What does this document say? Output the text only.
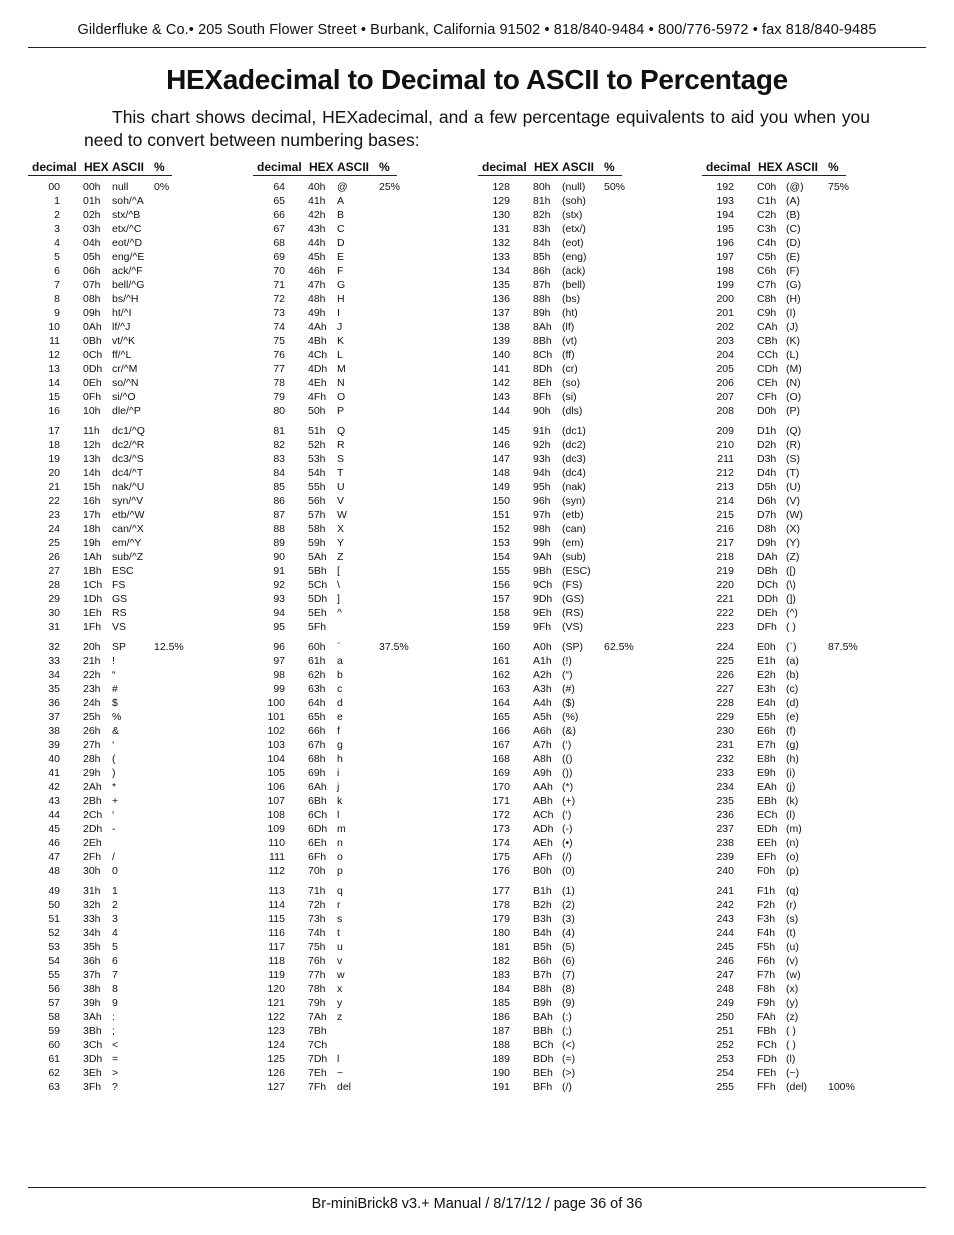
Gilderfluke & Co.• 205 South Flower Street • Burbank, California 91502 • 818/840-9484 • 800/776-5972 • fax 818/840-9485
HEXadecimal to Decimal to ASCII to Percentage
This chart shows decimal, HEXadecimal, and a few percentage equivalents to aid you when you need to convert between numbering bases:
decimal HEX ASCII %
00 00h null 0%
1 01h soh/^A
2 02h stx/^B
3 03h etx/^C
4 04h eot/^D
5 05h eng/^E
6 06h ack/^F
7 07h bell/^G
8 08h bs/^H
9 09h ht/^I
10 0Ah lf/^J
11 0Bh vt/^K
12 0Ch ff/^L
13 0Dh cr/^M
14 0Eh so/^N
15 0Fh si/^O
16 10h dle/^P
17 11h dc1/^Q
18 12h dc2/^R
19 13h dc3/^S
20 14h dc4/^T
21 15h nak/^U
22 16h syn/^V
23 17h etb/^W
24 18h can/^X
25 19h em/^Y
26 1Ah sub/^Z
27 1Bh ESC
28 1Ch FS
29 1Dh GS
30 1Eh RS
31 1Fh VS
32 20h SP	12.5%
33 21h !
34 22h “
35 23h #
36 24h $
37 25h %
38 26h &
39 27h ‘
40 28h (
41 29h )
42 2Ah *
43 2Bh +
44 2Ch ‘
45 2Dh -
46 2Eh
47 2Fh /
48 30h 0
49 31h 1
50 32h 2
51 33h 3
52 34h 4
53 35h 5
54 36h 6
55 37h 7
56 38h 8
57 39h 9
58 3Ah :
59 3Bh ;
60 3Ch <
61 3Dh =
62 3Eh >
63 3Fh ?
decimal HEX ASCII %
64 40h @	25%
65 41h A
66 42h B
67 43h C
68 44h D
69 45h E
70 46h F
71 47h G
72 48h H
73 49h I
74 4Ah J
75 4Bh K
76 4Ch L
77 4Dh M
78 4Eh N
79 4Fh O
80 50h P
81 51h Q
82 52h R
83 53h S
84 54h T
85 55h U
86 56h V
87 57h W
88 58h X
89 59h Y
90 5Ah Z
91 5Bh [
92 5Ch \
93 5Dh ]
94 5Eh ^
95 5Fh
96 60h `	37.5%
97 61h a
98 62h b
99 63h c
100 64h d
101 65h e
102 66h f
103 67h g
104 68h h
105 69h i
106 6Ah j
107 6Bh k
108 6Ch l
109 6Dh m
110 6Eh n
111 6Fh o
112 70h p
113 71h q
114 72h r
115 73h s
116 74h t
117 75h u
118 76h v
119 77h w
120 78h x
121 79h y
122 7Ah z
123 7Bh
124 7Ch
125 7Dh l
126 7Eh ~
127 7Fh del
decimal HEX ASCII %
128 80h (null) 50%
129 81h (soh)
130 82h (stx)
131 83h (etx/)
132 84h (eot)
133 85h (eng)
134 86h (ack)
135 87h (bell)
136 88h (bs)
137 89h (ht)
138 8Ah (lf)
139 8Bh (vt)
140 8Ch (ff)
141 8Dh (cr)
142 8Eh (so)
143 8Fh (si)
144 90h (dls)
145 91h (dc1)
146 92h (dc2)
147 93h (dc3)
148 94h (dc4)
149 95h (nak)
150 96h (syn)
151 97h (etb)
152 98h (can)
153 99h (em)
154 9Ah (sub)
155 9Bh (ESC)
156 9Ch (FS)
157 9Dh (GS)
158 9Eh (RS)
159 9Fh (VS)
160 A0h (SP) 62.5%
161 A1h (!)
162 A2h (“)
163 A3h (#)
164 A4h ($)
165 A5h (%)
166 A6h (&)
167 A7h (‘)
168 A8h (()
169 A9h ())
170 AAh (*)
171 ABh (+)
172 ACh (‘)
173 ADh (-)
174 AEh (•)
175 AFh (/)
176 B0h (0)
177 B1h (1)
178 B2h (2)
179 B3h (3)
180 B4h (4)
181 B5h (5)
182 B6h (6)
183 B7h (7)
184 B8h (8)
185 B9h (9)
186 BAh (:)
187 BBh (;)
188 BCh (<)
189 BDh (=)
190 BEh (>)
191 BFh (/)
decimal HEX ASCII %
192 C0h (@) 75%
193 C1h (A)
194 C2h (B)
195 C3h (C)
196 C4h (D)
197 C5h (E)
198 C6h (F)
199 C7h (G)
200 C8h (H)
201 C9h (I)
202 CAh (J)
203 CBh (K)
204 CCh (L)
205 CDh (M)
206 CEh (N)
207 CFh (O)
208 D0h (P)
209 D1h (Q)
210 D2h (R)
211 D3h (S)
212 D4h (T)
213 D5h (U)
214 D6h (V)
215 D7h (W)
216 D8h (X)
217 D9h (Y)
218 DAh (Z)
219 DBh ([)
220 DCh (\)
221 DDh (])
222 DEh (^)
223 DFh ( )
224 E0h (`)	87.5%
225 E1h (a)
226 E2h (b)
227 E3h (c)
228 E4h (d)
229 E5h (e)
230 E6h (f)
231 E7h (g)
232 E8h (h)
233 E9h (i)
234 EAh (j)
235 EBh (k)
236 ECh (l)
237 EDh (m)
238 EEh (n)
239 EFh (o)
240 F0h (p)
241 F1h (q)
242 F2h (r)
243 F3h (s)
244 F4h (t)
245 F5h (u)
246 F6h (v)
247 F7h (w)
248 F8h (x)
249 F9h (y)
250 FAh (z)
251 FBh ( )
252 FCh ( )
253 FDh (l)
254 FEh (~)
255 FFh (del) 100%
Br-miniBrick8 v3.+ Manual / 8/17/12 / page 36 of 36
